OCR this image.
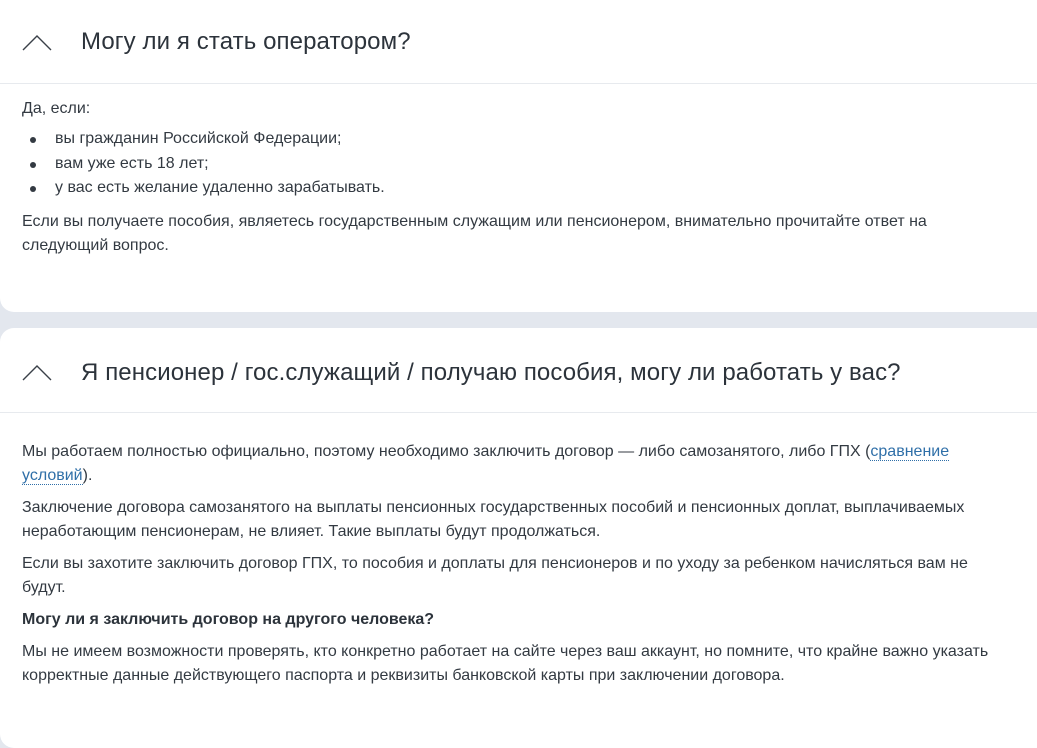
Могу ли я стать оператором?

Да, если:

вы гражданин Российской Федерации;
вам уже есть 18 лет;
у вас есть желание удаленно зарабатывать.

Если вы получаете пособия, являетесь государственным служащим или пенсионером, внимательно прочитайте ответ на следующий вопрос.

Я пенсионер / гос.служащий / получаю пособия, могу ли работать у вас?

Мы работаем полностью официально, поэтому необходимо заключить договор — либо самозанятого, либо ГПХ (сравнение условий).

Заключение договора самозанятого на выплаты пенсионных государственных пособий и пенсионных доплат, выплачиваемых неработающим пенсионерам, не влияет. Такие выплаты будут продолжаться.

Если вы захотите заключить договор ГПХ, то пособия и доплаты для пенсионеров и по уходу за ребенком начисляться вам не будут.

Могу ли я заключить договор на другого человека?

Мы не имеем возможности проверять, кто конкретно работает на сайте через ваш аккаунт, но помните, что крайне важно указать корректные данные действующего паспорта и реквизиты банковской карты при заключении договора.
